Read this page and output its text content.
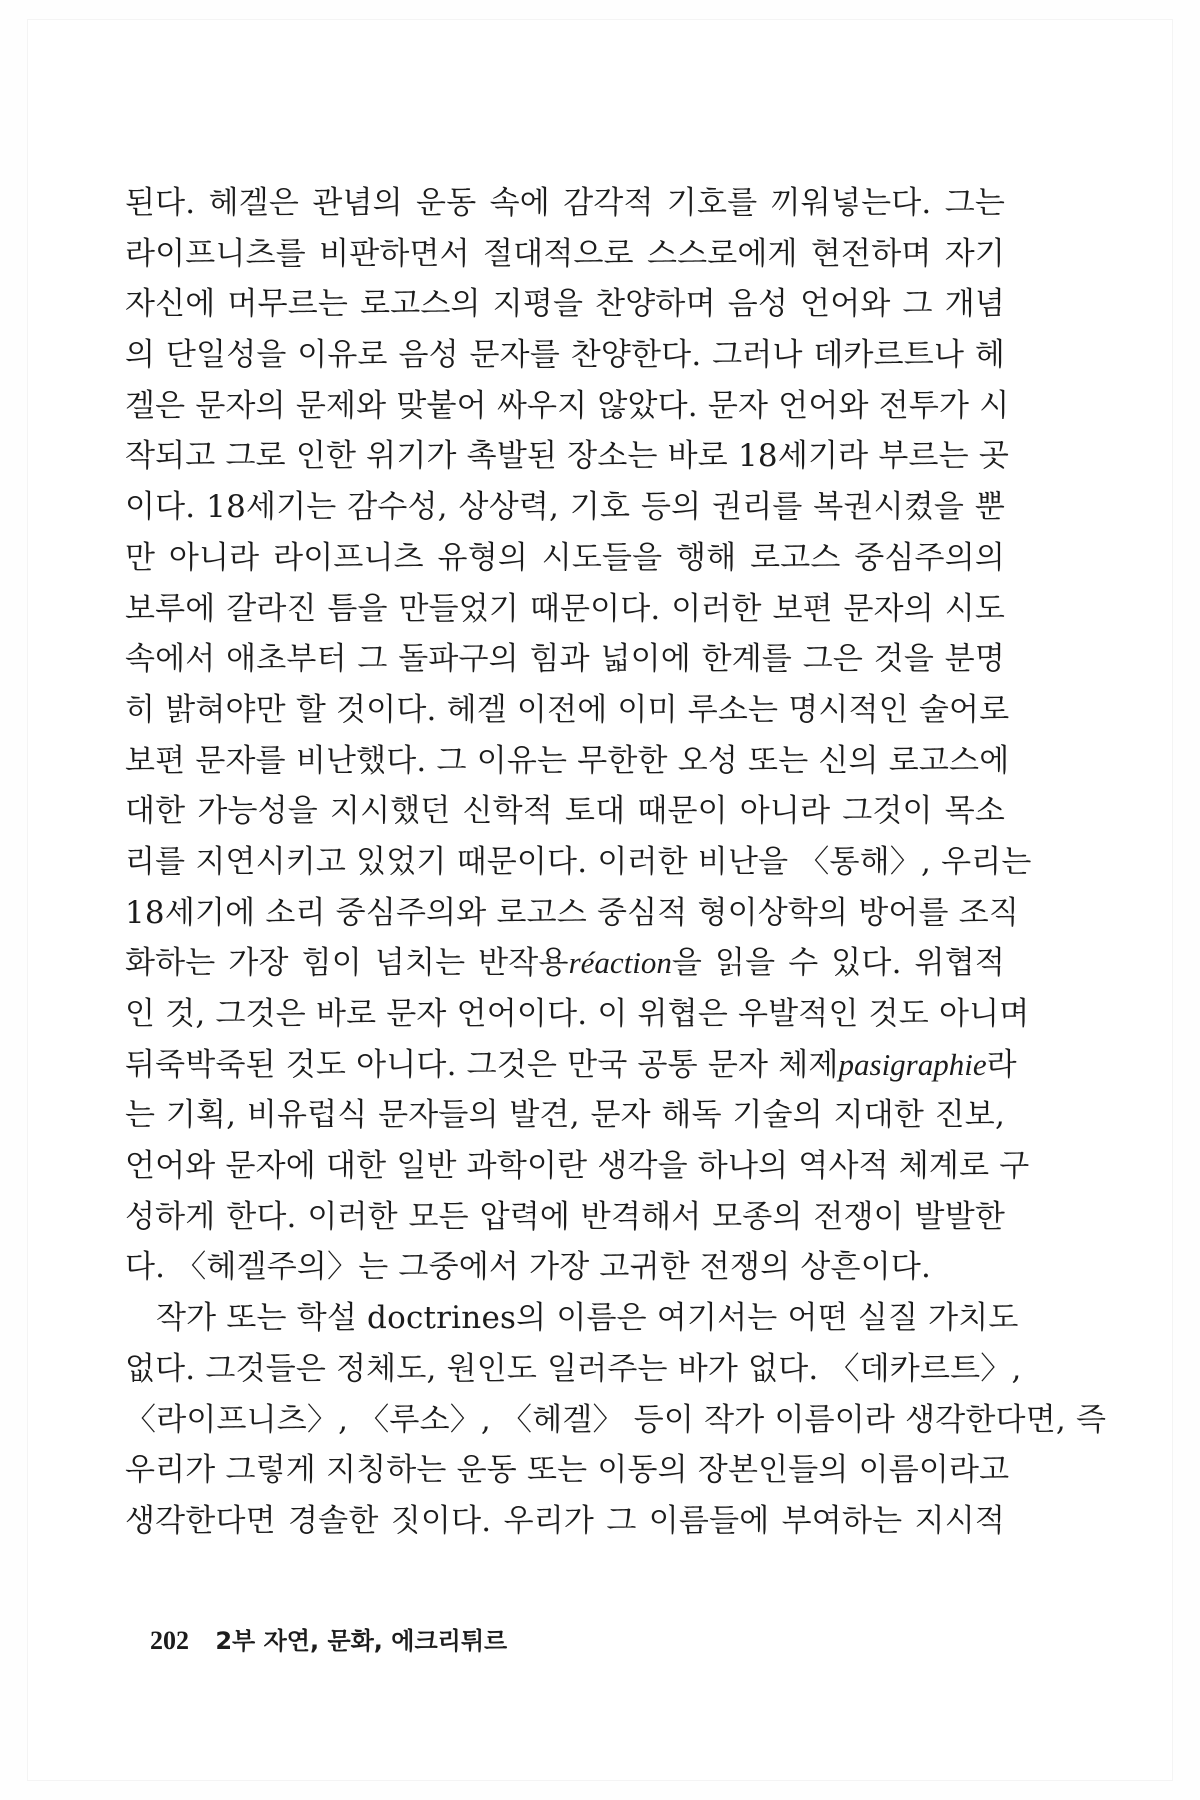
된다. 헤겔은 관념의 운동 속에 감각적 기호를 끼워넣는다. 그는
라이프니츠를 비판하면서 절대적으로 스스로에게 현전하며 자기
자신에 머무르는 로고스의 지평을 찬양하며 음성 언어와 그 개념
의 단일성을 이유로 음성 문자를 찬양한다. 그러나 데카르트나 헤
겔은 문자의 문제와 맞붙어 싸우지 않았다. 문자 언어와 전투가 시
작되고 그로 인한 위기가 촉발된 장소는 바로 18세기라 부르는 곳
이다. 18세기는 감수성, 상상력, 기호 등의 권리를 복권시켰을 뿐
만 아니라 라이프니츠 유형의 시도들을 행해 로고스 중심주의의
보루에 갈라진 틈을 만들었기 때문이다. 이러한 보편 문자의 시도
속에서 애초부터 그 돌파구의 힘과 넓이에 한계를 그은 것을 분명
히 밝혀야만 할 것이다. 헤겔 이전에 이미 루소는 명시적인 술어로
보편 문자를 비난했다. 그 이유는 무한한 오성 또는 신의 로고스에
대한 가능성을 지시했던 신학적 토대 때문이 아니라 그것이 목소
리를 지연시키고 있었기 때문이다. 이러한 비난을 〈통해〉, 우리는
18세기에 소리 중심주의와 로고스 중심적 형이상학의 방어를 조직
화하는 가장 힘이 넘치는 반작용réaction을 읽을 수 있다. 위협적
인 것, 그것은 바로 문자 언어이다. 이 위협은 우발적인 것도 아니며
뒤죽박죽된 것도 아니다. 그것은 만국 공통 문자 체제pasigraphie라
는 기획, 비유럽식 문자들의 발견, 문자 해독 기술의 지대한 진보,
언어와 문자에 대한 일반 과학이란 생각을 하나의 역사적 체계로 구
성하게 한다. 이러한 모든 압력에 반격해서 모종의 전쟁이 발발한
다. 〈헤겔주의〉는 그중에서 가장 고귀한 전쟁의 상흔이다.
작가 또는 학설 doctrines의 이름은 여기서는 어떤 실질 가치도
없다. 그것들은 정체도, 원인도 일러주는 바가 없다. 〈데카르트〉,
〈라이프니츠〉, 〈루소〉, 〈헤겔〉 등이 작가 이름이라 생각한다면, 즉
우리가 그렇게 지칭하는 운동 또는 이동의 장본인들의 이름이라고
생각한다면 경솔한 짓이다. 우리가 그 이름들에 부여하는 지시적
202 2부 자연, 문화, 에크리튀르
